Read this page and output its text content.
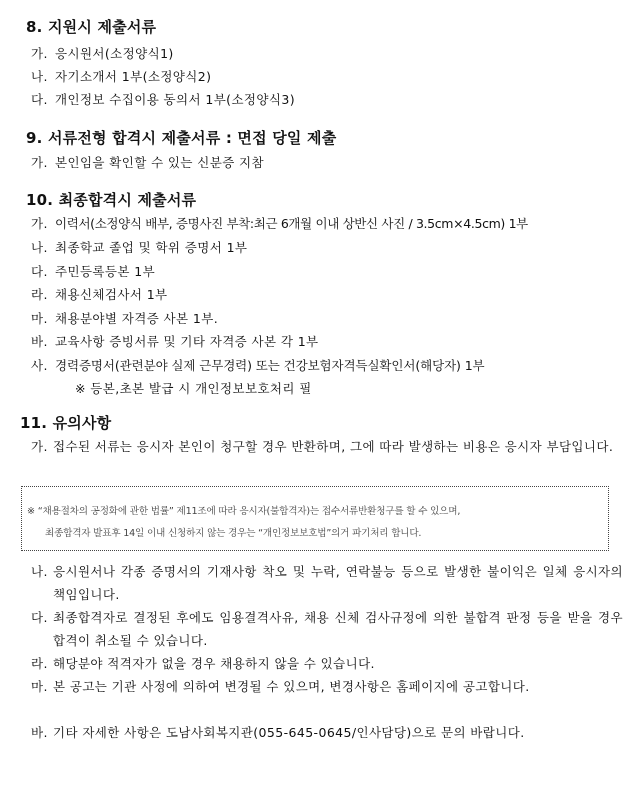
8. 지원시 제출서류
가. 응시원서(소정양식1)
나. 자기소개서 1부(소정양식2)
다. 개인정보 수집이용 동의서 1부(소정양식3)
9. 서류전형 합격시 제출서류 : 면접 당일 제출
가. 본인임을 확인할 수 있는 신분증 지참
10. 최종합격시 제출서류
가. 이력서(소정양식 배부, 증명사진 부착:최근 6개월 이내 상반신 사진 / 3.5cm×4.5cm) 1부
나. 최종학교 졸업 및 학위 증명서 1부
다. 주민등록등본 1부
라. 채용신체검사서 1부
마. 채용분야별 자격증 사본 1부.
바. 교육사항 증빙서류 및 기타 자격증 사본 각 1부
사. 경력증명서(관련분야 실제 근무경력) 또는 건강보험자격득실확인서(해당자) 1부
※ 등본,초본 발급 시 개인정보보호처리 필
11. 유의사항
가. 접수된 서류는 응시자 본인이 청구할 경우 반환하며, 그에 따라 발생하는 비용은 응시자 부담입니다.
※ “채용절차의 공정화에 관한 법률” 제11조에 따라 응시자(불합격자)는 접수서류반환청구를 할 수 있으며,
최종합격자 발표후 14일 이내 신청하지 않는 경우는 “개인정보보호법”의거 파기처리 합니다.
나. 응시원서나 각종 증명서의 기재사항 착오 및 누락, 연락불능 등으로 발생한 불이익은 일체 응시자의 책임입니다.
다. 최종합격자로 결정된 후에도 임용결격사유, 채용 신체 검사규정에 의한 불합격 판정 등을 받을 경우 합격이 취소될 수 있습니다.
라. 해당분야 적격자가 없을 경우 채용하지 않을 수 있습니다.
마. 본 공고는 기관 사정에 의하여 변경될 수 있으며, 변경사항은 홈페이지에 공고합니다.
바. 기타 자세한 사항은 도남사회복지관(055-645-0645/인사담당)으로 문의 바랍니다.
